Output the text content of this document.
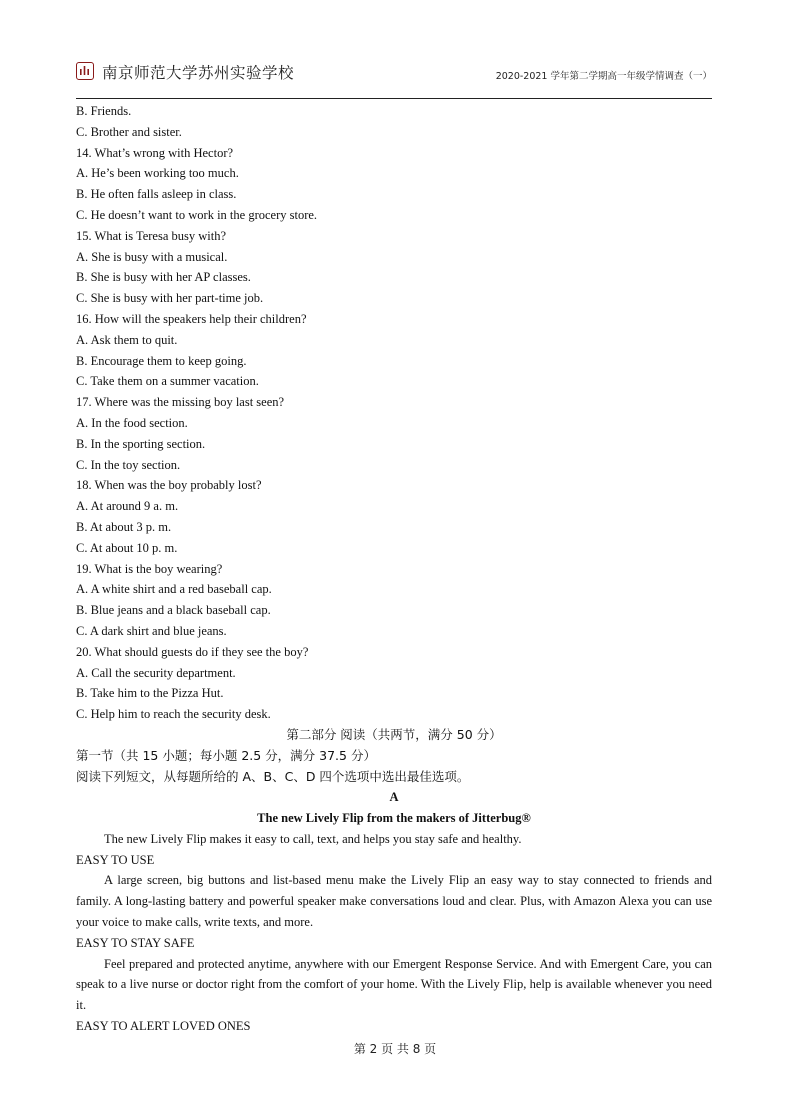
南京师范大学苏州实验学校	2020-2021 学年第二学期高一年级学情调查（一）
B. Friends.
C. Brother and sister.
14. What’s wrong with Hector?
A. He’s been working too much.
B. He often falls asleep in class.
C. He doesn’t want to work in the grocery store.
15. What is Teresa busy with?
A. She is busy with a musical.
B. She is busy with her AP classes.
C. She is busy with her part-time job.
16. How will the speakers help their children?
A. Ask them to quit.
B. Encourage them to keep going.
C. Take them on a summer vacation.
17. Where was the missing boy last seen?
A. In the food section.
B. In the sporting section.
C. In the toy section.
18. When was the boy probably lost?
A. At around 9 a. m.
B. At about 3 p. m.
C. At about 10 p. m.
19. What is the boy wearing?
A. A white shirt and a red baseball cap.
B. Blue jeans and a black baseball cap.
C. A dark shirt and blue jeans.
20. What should guests do if they see the boy?
A. Call the security department.
B. Take him to the Pizza Hut.
C. Help him to reach the security desk.
第二部分 阅读（共两节，满分 50 分）
第一节（共 15 小题；每小题 2.5 分，满分 37.5 分）
阅读下列短文，从每题所给的 A、B、C、D 四个选项中选出最佳选项。
A
The new Lively Flip from the makers of Jitterbug®
The new Lively Flip makes it easy to call, text, and helps you stay safe and healthy.
EASY TO USE
A large screen, big buttons and list-based menu make the Lively Flip an easy way to stay connected to friends and family. A long-lasting battery and powerful speaker make conversations loud and clear. Plus, with Amazon Alexa you can use your voice to make calls, write texts, and more.
EASY TO STAY SAFE
Feel prepared and protected anytime, anywhere with our Emergent Response Service. And with Emergent Care, you can speak to a live nurse or doctor right from the comfort of your home. With the Lively Flip, help is available whenever you need it.
EASY TO ALERT LOVED ONES
第 2 页 共 8 页
